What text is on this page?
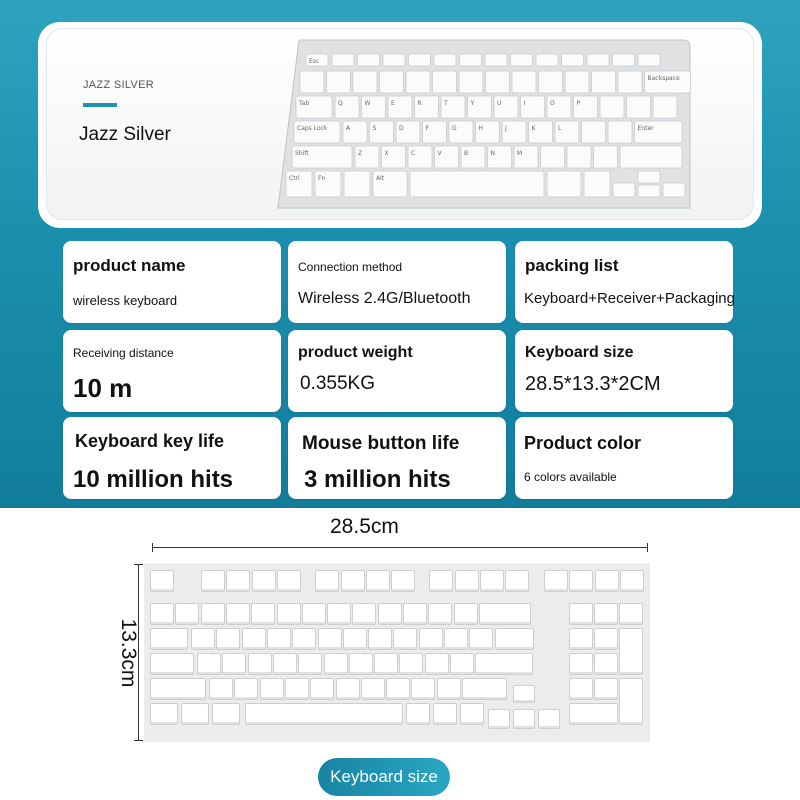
JAZZ SILVER
Jazz Silver
Esc
Backspace
Tab	Q	W	E	R	T	Y	U	I	O	P
Caps Lock	A	S	D	F	G	H	J	K	L	Enter
Shift	Z	X	C	V	B	N	M
Ctrl	Fn	Alt
product name
wireless keyboard
Connection method
Wireless 2.4G/Bluetooth
packing list
Keyboard+Receiver+Packaging
Receiving distance
10 m
product weight
0.355KG
Keyboard size
28.5*13.3*2CM
Keyboard key life
10 million hits
Mouse button life
3 million hits
Product color
6 colors available
28.5cm
13.3cm
Keyboard size
